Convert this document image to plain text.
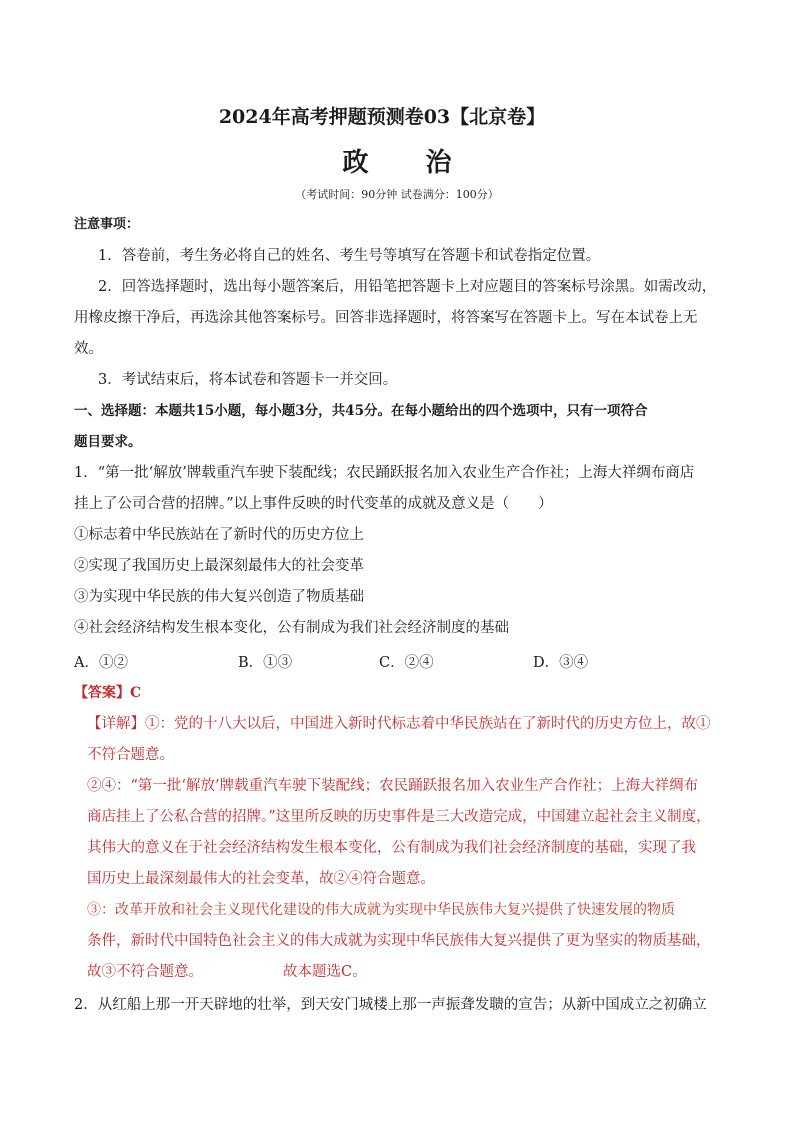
2024年高考押题预测卷03【北京卷】
政 治
（考试时间：90分钟 试卷满分：100分）
注意事项：
1．答卷前，考生务必将自己的姓名、考生号等填写在答题卡和试卷指定位置。
2．回答选择题时，选出每小题答案后，用铅笔把答题卡上对应题目的答案标号涂黑。如需改动，
用橡皮擦干净后，再选涂其他答案标号。回答非选择题时，将答案写在答题卡上。写在本试卷上无
效。
3．考试结束后，将本试卷和答题卡一并交回。
一、选择题：本题共15小题，每小题3分，共45分。在每小题给出的四个选项中，只有一项符合
题目要求。
1．“第一批‘解放’牌载重汽车驶下装配线；农民踊跃报名加入农业生产合作社；上海大祥绸布商店
挂上了公司合营的招牌。”以上事件反映的时代变革的成就及意义是（　　）
①标志着中华民族站在了新时代的历史方位上
②实现了我国历史上最深刻最伟大的社会变革
③为实现中华民族的伟大复兴创造了物质基础
④社会经济结构发生根本变化，公有制成为我们社会经济制度的基础
A．①②	B．①③	C．②④	D．③④
【答案】C
【详解】①：党的十八大以后，中国进入新时代标志着中华民族站在了新时代的历史方位上，故①
不符合题意。
②④：“第一批‘解放’牌载重汽车驶下装配线；农民踊跃报名加入农业生产合作社；上海大祥绸布
商店挂上了公私合营的招牌。”这里所反映的历史事件是三大改造完成，中国建立起社会主义制度，
其伟大的意义在于社会经济结构发生根本变化，公有制成为我们社会经济制度的基础，实现了我
国历史上最深刻最伟大的社会变革，故②④符合题意。
③：改革开放和社会主义现代化建设的伟大成就为实现中华民族伟大复兴提供了快速发展的物质
条件，新时代中国特色社会主义的伟大成就为实现中华民族伟大复兴提供了更为坚实的物质基础，
故③不符合题意。	故本题选C。
2．从红船上那一开天辟地的壮举，到天安门城楼上那一声振聋发聩的宣告；从新中国成立之初确立
